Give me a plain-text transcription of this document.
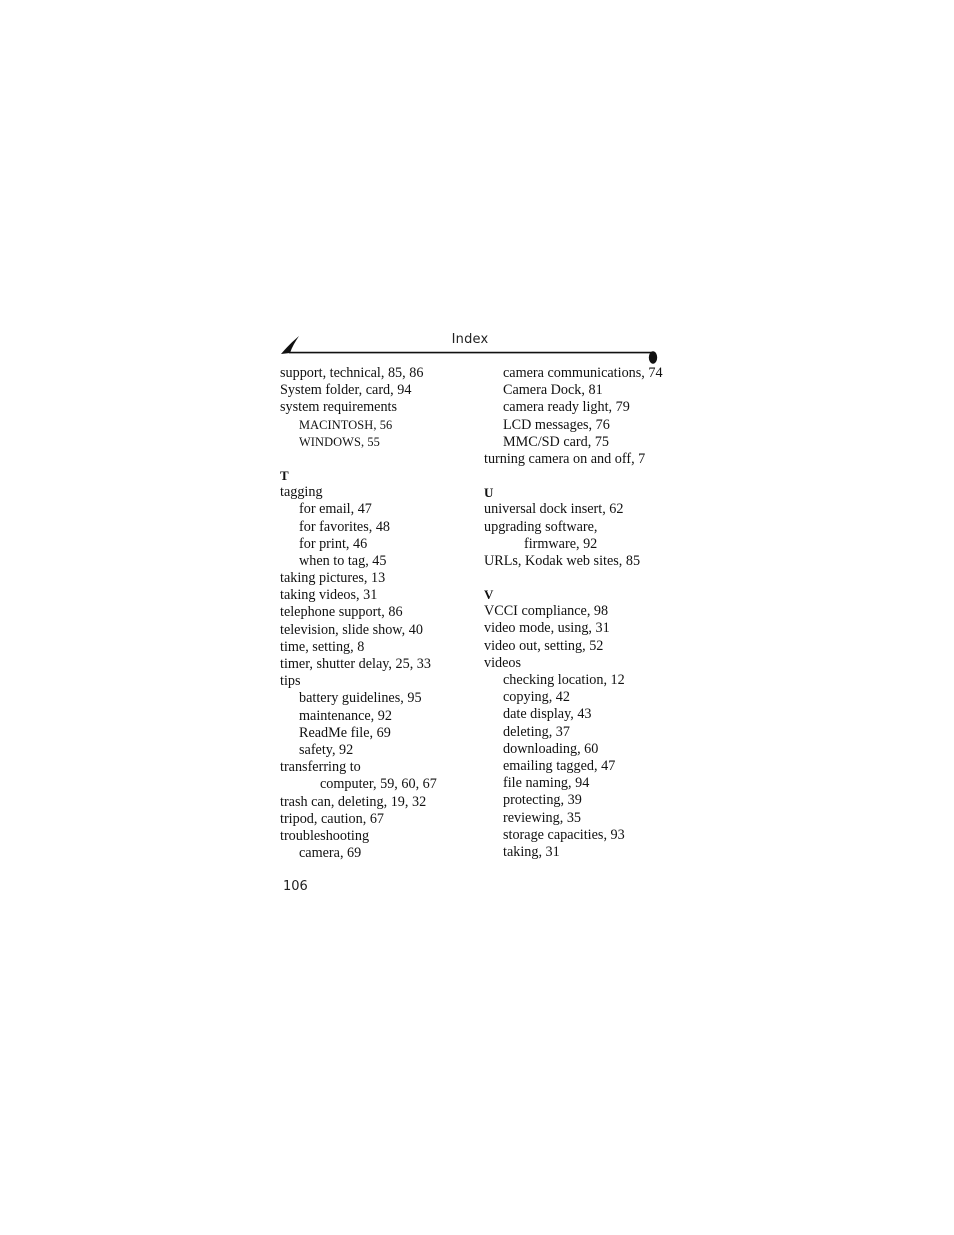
Index
support, technical, 85, 86
System folder, card, 94
system requirements
MACINTOSH, 56
WINDOWS, 55
T
tagging
for email, 47
for favorites, 48
for print, 46
when to tag, 45
taking pictures, 13
taking videos, 31
telephone support, 86
television, slide show, 40
time, setting, 8
timer, shutter delay, 25, 33
tips
battery guidelines, 95
maintenance, 92
ReadMe file, 69
safety, 92
transferring to
computer, 59, 60, 67
trash can, deleting, 19, 32
tripod, caution, 67
troubleshooting
camera, 69
camera communications, 74
Camera Dock, 81
camera ready light, 79
LCD messages, 76
MMC/SD card, 75
turning camera on and off, 7
U
universal dock insert, 62
upgrading software,
firmware, 92
URLs, Kodak web sites, 85
V
VCCI compliance, 98
video mode, using, 31
video out, setting, 52
videos
checking location, 12
copying, 42
date display, 43
deleting, 37
downloading, 60
emailing tagged, 47
file naming, 94
protecting, 39
reviewing, 35
storage capacities, 93
taking, 31
106
